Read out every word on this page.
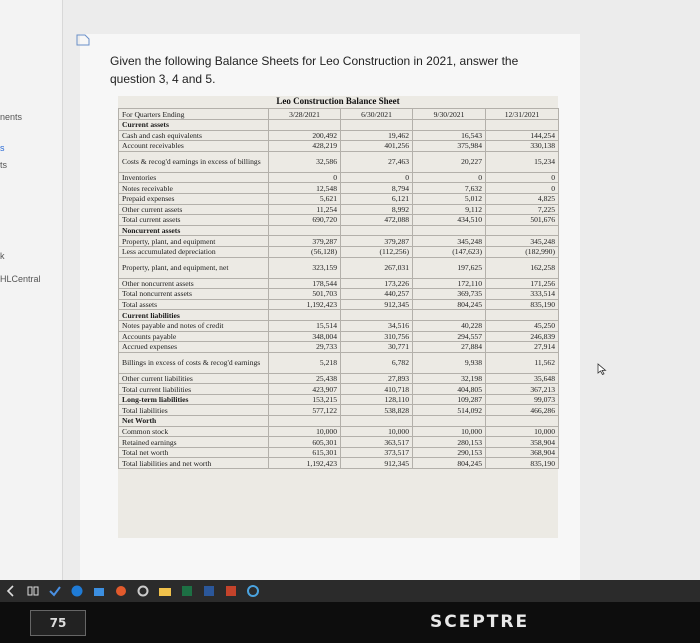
nents
s
ts
k
HLCentral
Given the following Balance Sheets for Leo Construction in 2021, answer the question 3, 4 and 5.
Leo Construction Balance Sheet
For Quarters Ending	3/28/2021	6/30/2021	9/30/2021	12/31/2021
Current assets				
Cash and cash equivalents	200,492	19,462	16,543	144,254
Account receivables	428,219	401,256	375,984	330,138
Costs & recog'd earnings in excess of billings	32,586	27,463	20,227	15,234
Inventories	0	0	0	0
Notes receivable	12,548	8,794	7,632	0
Prepaid expenses	5,621	6,121	5,012	4,825
Other current assets	11,254	8,992	9,112	7,225
Total current assets	690,720	472,088	434,510	501,676
Noncurrent assets				
Property, plant, and equipment	379,287	379,287	345,248	345,248
Less accumulated depreciation	(56,128)	(112,256)	(147,623)	(182,990)
Property, plant, and equipment, net	323,159	267,031	197,625	162,258
Other noncurrent assets	178,544	173,226	172,110	171,256
Total noncurrent assets	501,703	440,257	369,735	333,514
Total assets	1,192,423	912,345	804,245	835,190
Current liabilities				
Notes payable and notes of credit	15,514	34,516	40,228	45,250
Accounts payable	348,004	310,756	294,557	246,839
Accrued expenses	29,733	30,771	27,884	27,914
Billings in excess of costs & recog'd earnings	5,218	6,782	9,938	11,562
Other current liabilities	25,438	27,893	32,198	35,648
Total current liabilities	423,907	410,718	404,805	367,213
Long-term liabilities	153,215	128,110	109,287	99,073
Total liabilities	577,122	538,828	514,092	466,286
Net Worth				
Common stock	10,000	10,000	10,000	10,000
Retained earnings	605,301	363,517	280,153	358,904
Total net worth	615,301	373,517	290,153	368,904
Total liabilities and net worth	1,192,423	912,345	804,245	835,190
75	SCEPTRE
